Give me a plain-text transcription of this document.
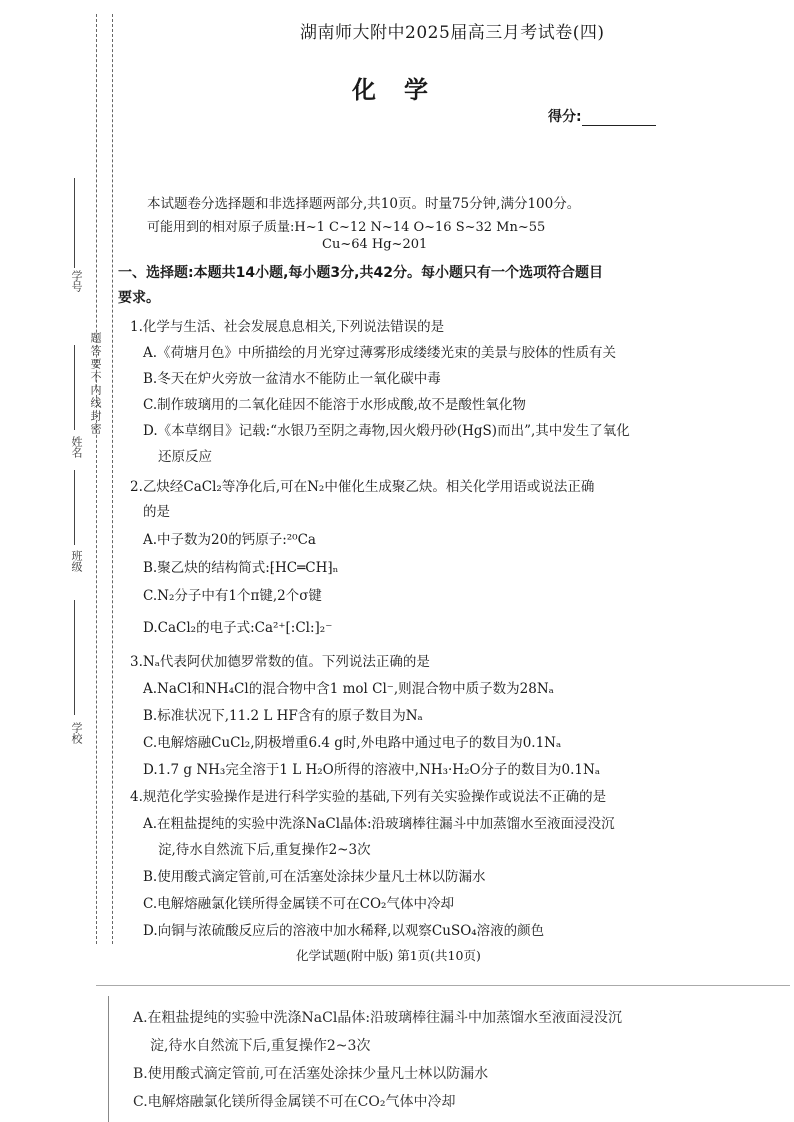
题答要不内线封密
学号
姓名
班级
学校
湖南师大附中2025届高三月考试卷(四)
化学
得分:
本试题卷分选择题和非选择题两部分,共10页。时量75分钟,满分100分。
可能用到的相对原子质量:H~1 C~12 N~14 O~16 S~32 Mn~55
Cu~64 Hg~201
一、选择题:本题共14小题,每小题3分,共42分。每小题只有一个选项符合题目
要求。
1.化学与生活、社会发展息息相关,下列说法错误的是
A.《荷塘月色》中所描绘的月光穿过薄雾形成缕缕光束的美景与胶体的性质有关
B.冬天在炉火旁放一盆清水不能防止一氧化碳中毒
C.制作玻璃用的二氧化硅因不能溶于水形成酸,故不是酸性氧化物
D.《本草纲目》记载:“水银乃至阴之毒物,因火煅丹砂(HgS)而出”,其中发生了氧化
还原反应
2.乙炔经CaCl₂等净化后,可在N₂中催化生成聚乙炔。相关化学用语或说法正确
的是
A.中子数为20的钙原子:²⁰Ca
B.聚乙炔的结构简式:⁅HC═CH⁆ₙ
C.N₂分子中有1个π键,2个σ键
D.CaCl₂的电子式:Ca²⁺[:Cl:]₂⁻
3.Nₐ代表阿伏加德罗常数的值。下列说法正确的是
A.NaCl和NH₄Cl的混合物中含1 mol Cl⁻,则混合物中质子数为28Nₐ
B.标准状况下,11.2 L HF含有的原子数目为Nₐ
C.电解熔融CuCl₂,阴极增重6.4 g时,外电路中通过电子的数目为0.1Nₐ
D.1.7 g NH₃完全溶于1 L H₂O所得的溶液中,NH₃·H₂O分子的数目为0.1Nₐ
4.规范化学实验操作是进行科学实验的基础,下列有关实验操作或说法不正确的是
A.在粗盐提纯的实验中洗涤NaCl晶体:沿玻璃棒往漏斗中加蒸馏水至液面浸没沉
淀,待水自然流下后,重复操作2~3次
B.使用酸式滴定管前,可在活塞处涂抹少量凡士林以防漏水
C.电解熔融氯化镁所得金属镁不可在CO₂气体中冷却
D.向铜与浓硫酸反应后的溶液中加水稀释,以观察CuSO₄溶液的颜色
化学试题(附中版) 第1页(共10页)
A.在粗盐提纯的实验中洗涤NaCl晶体:沿玻璃棒往漏斗中加蒸馏水至液面浸没沉
淀,待水自然流下后,重复操作2~3次
B.使用酸式滴定管前,可在活塞处涂抹少量凡士林以防漏水
C.电解熔融氯化镁所得金属镁不可在CO₂气体中冷却
